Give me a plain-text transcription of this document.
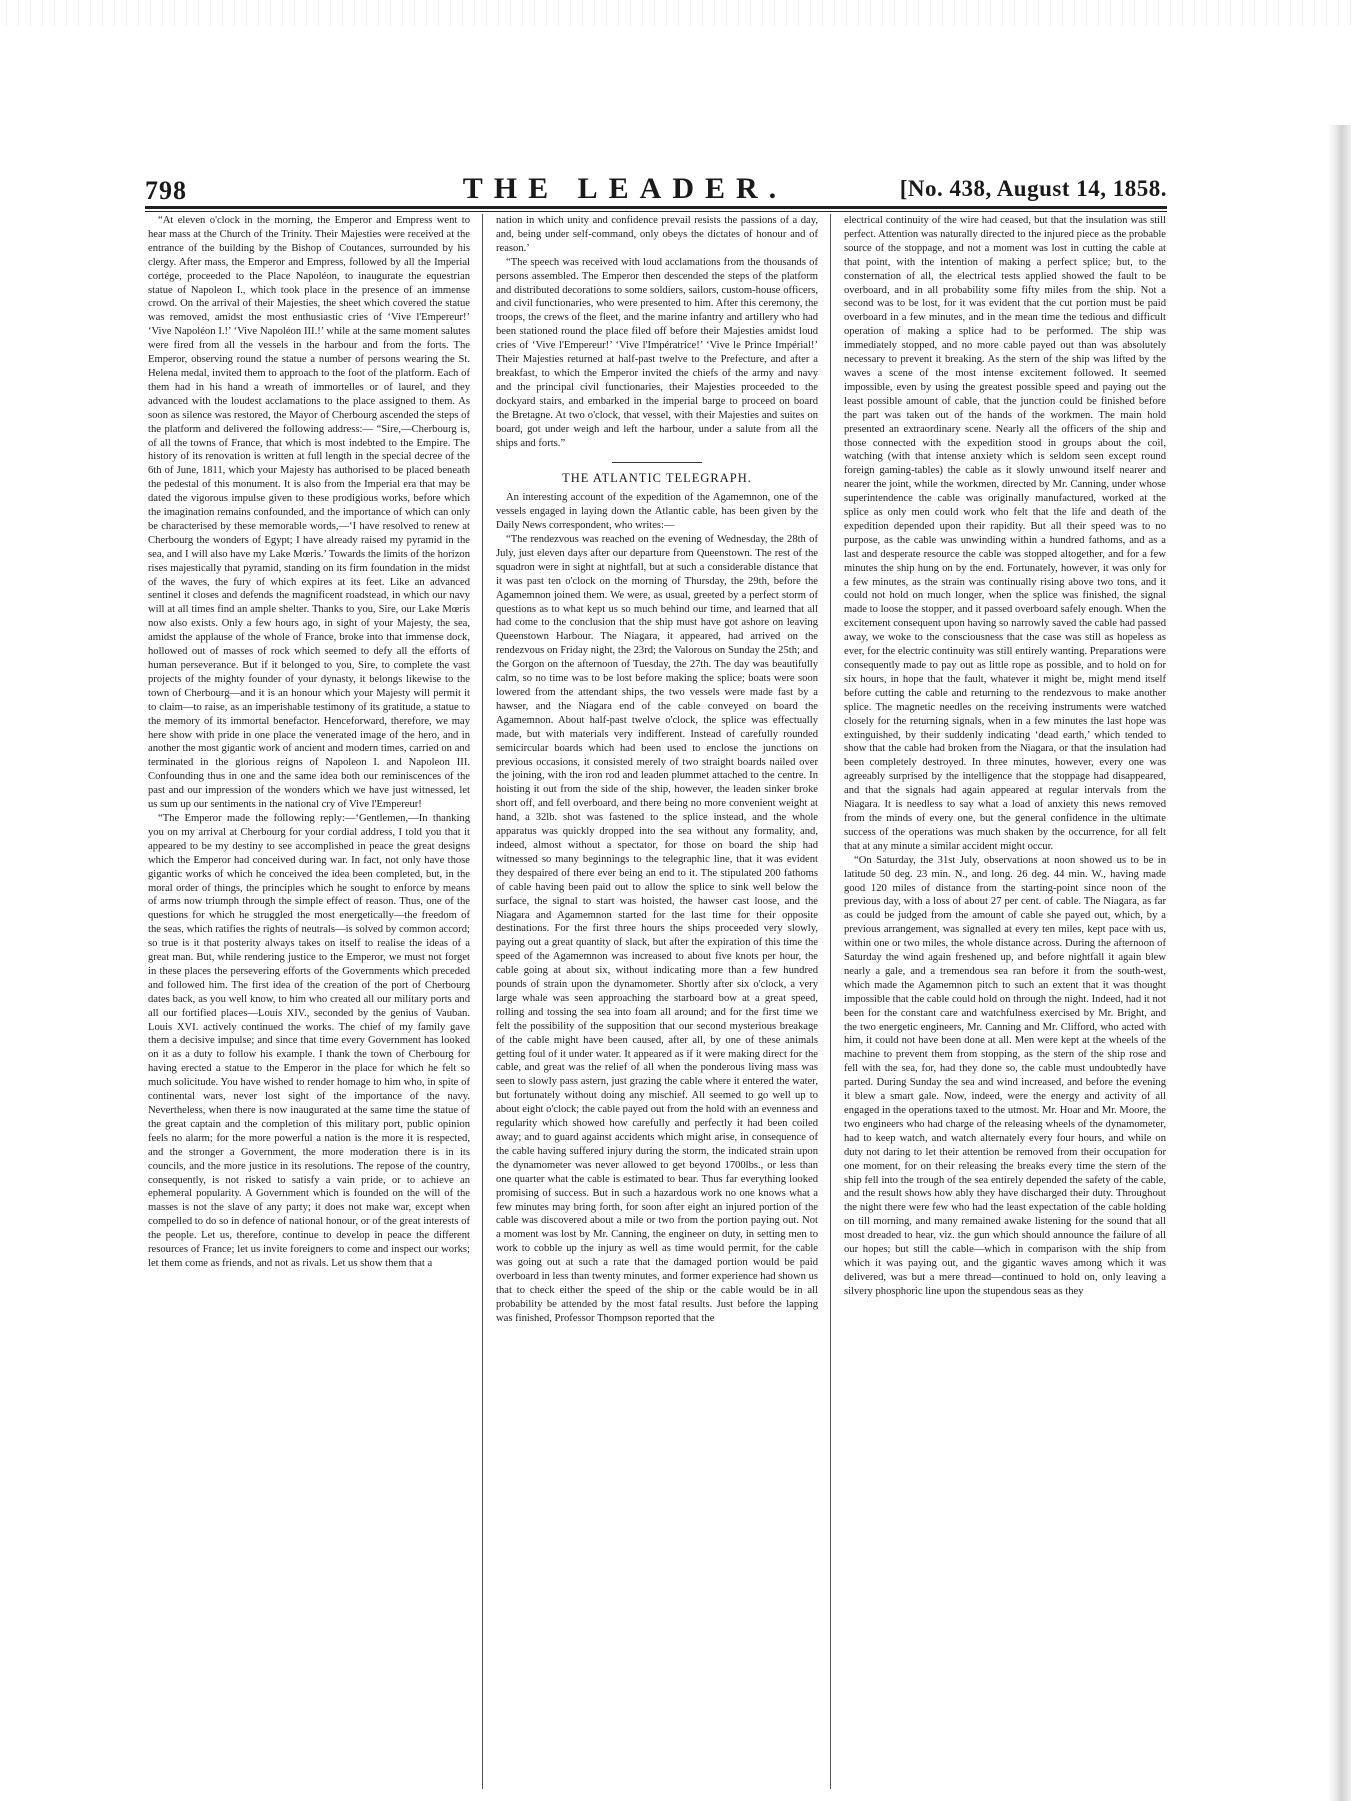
798	THE LEADER.	[No. 438, August 14, 1858.

“At eleven o'clock in the morning, the Emperor and Empress went to hear mass at the Church of the Trinity. Their Majesties were received at the entrance of the building by the Bishop of Coutances, surrounded by his clergy. After mass, the Emperor and Empress, followed by all the Imperial cortége, proceeded to the Place Napoléon, to inaugurate the equestrian statue of Napoleon I., which took place in the presence of an immense crowd. On the arrival of their Majesties, the sheet which covered the statue was removed, amidst the most enthusiastic cries of ‘Vive l'Empereur!’ ‘Vive Napoléon I.!’ ‘Vive Napoléon III.!’ while at the same moment salutes were fired from all the vessels in the harbour and from the forts. The Emperor, observing round the statue a number of persons wearing the St. Helena medal, invited them to approach to the foot of the platform. Each of them had in his hand a wreath of immortelles or of laurel, and they advanced with the loudest acclamations to the place assigned to them. As soon as silence was restored, the Mayor of Cherbourg ascended the steps of the platform and delivered the following address:— “Sire,—Cherbourg is, of all the towns of France, that which is most indebted to the Empire. The history of its renovation is written at full length in the special decree of the 6th of June, 1811, which your Majesty has authorised to be placed beneath the pedestal of this monument. It is also from the Imperial era that may be dated the vigorous impulse given to these prodigious works, before which the imagination remains confounded, and the importance of which can only be characterised by these memorable words,—‘I have resolved to renew at Cherbourg the wonders of Egypt; I have already raised my pyramid in the sea, and I will also have my Lake Mœris.’ Towards the limits of the horizon rises majestically that pyramid, standing on its firm foundation in the midst of the waves, the fury of which expires at its feet. Like an advanced sentinel it closes and defends the magnificent roadstead, in which our navy will at all times find an ample shelter. Thanks to you, Sire, our Lake Mœris now also exists. Only a few hours ago, in sight of your Majesty, the sea, amidst the applause of the whole of France, broke into that immense dock, hollowed out of masses of rock which seemed to defy all the efforts of human perseverance. But if it belonged to you, Sire, to complete the vast projects of the mighty founder of your dynasty, it belongs likewise to the town of Cherbourg—and it is an honour which your Majesty will permit it to claim—to raise, as an imperishable testimony of its gratitude, a statue to the memory of its immortal benefactor. Henceforward, therefore, we may here show with pride in one place the venerated image of the hero, and in another the most gigantic work of ancient and modern times, carried on and terminated in the glorious reigns of Napoleon I. and Napoleon III. Confounding thus in one and the same idea both our reminiscences of the past and our impression of the wonders which we have just witnessed, let us sum up our sentiments in the national cry of Vive l'Empereur!

“The Emperor made the following reply:—‘Gentlemen,—In thanking you on my arrival at Cherbourg for your cordial address, I told you that it appeared to be my destiny to see accomplished in peace the great designs which the Emperor had conceived during war. In fact, not only have those gigantic works of which he conceived the idea been completed, but, in the moral order of things, the principles which he sought to enforce by means of arms now triumph through the simple effect of reason. Thus, one of the questions for which he struggled the most energetically—the freedom of the seas, which ratifies the rights of neutrals—is solved by common accord; so true is it that posterity always takes on itself to realise the ideas of a great man. But, while rendering justice to the Emperor, we must not forget in these places the persevering efforts of the Governments which preceded and followed him. The first idea of the creation of the port of Cherbourg dates back, as you well know, to him who created all our military ports and all our fortified places—Louis XIV., seconded by the genius of Vauban. Louis XVI. actively continued the works. The chief of my family gave them a decisive impulse; and since that time every Government has looked on it as a duty to follow his example. I thank the town of Cherbourg for having erected a statue to the Emperor in the place for which he felt so much solicitude. You have wished to render homage to him who, in spite of continental wars, never lost sight of the importance of the navy. Nevertheless, when there is now inaugurated at the same time the statue of the great captain and the completion of this military port, public opinion feels no alarm; for the more powerful a nation is the more it is respected, and the stronger a Government, the more moderation there is in its councils, and the more justice in its resolutions. The repose of the country, consequently, is not risked to satisfy a vain pride, or to achieve an ephemeral popularity. A Government which is founded on the will of the masses is not the slave of any party; it does not make war, except when compelled to do so in defence of national honour, or of the great interests of the people. Let us, therefore, continue to develop in peace the different resources of France; let us invite foreigners to come and inspect our works; let them come as friends, and not as rivals. Let us show them that a

nation in which unity and confidence prevail resists the passions of a day, and, being under self-command, only obeys the dictates of honour and of reason.’

“The speech was received with loud acclamations from the thousands of persons assembled. The Emperor then descended the steps of the platform and distributed decorations to some soldiers, sailors, custom-house officers, and civil functionaries, who were presented to him. After this ceremony, the troops, the crews of the fleet, and the marine infantry and artillery who had been stationed round the place filed off before their Majesties amidst loud cries of ‘Vive l'Empereur!’ ‘Vive l'Impératrice!’ ‘Vive le Prince Impérial!’ Their Majesties returned at half-past twelve to the Prefecture, and after a breakfast, to which the Emperor invited the chiefs of the army and navy and the principal civil functionaries, their Majesties proceeded to the dockyard stairs, and embarked in the imperial barge to proceed on board the Bretagne. At two o'clock, that vessel, with their Majesties and suites on board, got under weigh and left the harbour, under a salute from all the ships and forts.”

THE ATLANTIC TELEGRAPH.

An interesting account of the expedition of the Agamemnon, one of the vessels engaged in laying down the Atlantic cable, has been given by the Daily News correspondent, who writes:—

“The rendezvous was reached on the evening of Wednesday, the 28th of July, just eleven days after our departure from Queenstown. The rest of the squadron were in sight at nightfall, but at such a considerable distance that it was past ten o'clock on the morning of Thursday, the 29th, before the Agamemnon joined them. We were, as usual, greeted by a perfect storm of questions as to what kept us so much behind our time, and learned that all had come to the conclusion that the ship must have got ashore on leaving Queenstown Harbour. The Niagara, it appeared, had arrived on the rendezvous on Friday night, the 23rd; the Valorous on Sunday the 25th; and the Gorgon on the afternoon of Tuesday, the 27th. The day was beautifully calm, so no time was to be lost before making the splice; boats were soon lowered from the attendant ships, the two vessels were made fast by a hawser, and the Niagara end of the cable conveyed on board the Agamemnon. About half-past twelve o'clock, the splice was effectually made, but with materials very indifferent. Instead of carefully rounded semicircular boards which had been used to enclose the junctions on previous occasions, it consisted merely of two straight boards nailed over the joining, with the iron rod and leaden plummet attached to the centre. In hoisting it out from the side of the ship, however, the leaden sinker broke short off, and fell overboard, and there being no more convenient weight at hand, a 32lb. shot was fastened to the splice instead, and the whole apparatus was quickly dropped into the sea without any formality, and, indeed, almost without a spectator, for those on board the ship had witnessed so many beginnings to the telegraphic line, that it was evident they despaired of there ever being an end to it. The stipulated 200 fathoms of cable having been paid out to allow the splice to sink well below the surface, the signal to start was hoisted, the hawser cast loose, and the Niagara and Agamemnon started for the last time for their opposite destinations. For the first three hours the ships proceeded very slowly, paying out a great quantity of slack, but after the expiration of this time the speed of the Agamemnon was increased to about five knots per hour, the cable going at about six, without indicating more than a few hundred pounds of strain upon the dynamometer. Shortly after six o'clock, a very large whale was seen approaching the starboard bow at a great speed, rolling and tossing the sea into foam all around; and for the first time we felt the possibility of the supposition that our second mysterious breakage of the cable might have been caused, after all, by one of these animals getting foul of it under water. It appeared as if it were making direct for the cable, and great was the relief of all when the ponderous living mass was seen to slowly pass astern, just grazing the cable where it entered the water, but fortunately without doing any mischief. All seemed to go well up to about eight o'clock; the cable payed out from the hold with an evenness and regularity which showed how carefully and perfectly it had been coiled away; and to guard against accidents which might arise, in consequence of the cable having suffered injury during the storm, the indicated strain upon the dynamometer was never allowed to get beyond 1700lbs., or less than one quarter what the cable is estimated to bear. Thus far everything looked promising of success. But in such a hazardous work no one knows what a few minutes may bring forth, for soon after eight an injured portion of the cable was discovered about a mile or two from the portion paying out. Not a moment was lost by Mr. Canning, the engineer on duty, in setting men to work to cobble up the injury as well as time would permit, for the cable was going out at such a rate that the damaged portion would be paid overboard in less than twenty minutes, and former experience had shown us that to check either the speed of the ship or the cable would be in all probability be attended by the most fatal results. Just before the lapping was finished, Professor Thompson reported that the

electrical continuity of the wire had ceased, but that the insulation was still perfect. Attention was naturally directed to the injured piece as the probable source of the stoppage, and not a moment was lost in cutting the cable at that point, with the intention of making a perfect splice; but, to the consternation of all, the electrical tests applied showed the fault to be overboard, and in all probability some fifty miles from the ship. Not a second was to be lost, for it was evident that the cut portion must be paid overboard in a few minutes, and in the mean time the tedious and difficult operation of making a splice had to be performed. The ship was immediately stopped, and no more cable payed out than was absolutely necessary to prevent it breaking. As the stern of the ship was lifted by the waves a scene of the most intense excitement followed. It seemed impossible, even by using the greatest possible speed and paying out the least possible amount of cable, that the junction could be finished before the part was taken out of the hands of the workmen. The main hold presented an extraordinary scene. Nearly all the officers of the ship and those connected with the expedition stood in groups about the coil, watching (with that intense anxiety which is seldom seen except round foreign gaming-tables) the cable as it slowly unwound itself nearer and nearer the joint, while the workmen, directed by Mr. Canning, under whose superintendence the cable was originally manufactured, worked at the splice as only men could work who felt that the life and death of the expedition depended upon their rapidity. But all their speed was to no purpose, as the cable was unwinding within a hundred fathoms, and as a last and desperate resource the cable was stopped altogether, and for a few minutes the ship hung on by the end. Fortunately, however, it was only for a few minutes, as the strain was continually rising above two tons, and it could not hold on much longer, when the splice was finished, the signal made to loose the stopper, and it passed overboard safely enough. When the excitement consequent upon having so narrowly saved the cable had passed away, we woke to the consciousness that the case was still as hopeless as ever, for the electric continuity was still entirely wanting. Preparations were consequently made to pay out as little rope as possible, and to hold on for six hours, in hope that the fault, whatever it might be, might mend itself before cutting the cable and returning to the rendezvous to make another splice. The magnetic needles on the receiving instruments were watched closely for the returning signals, when in a few minutes the last hope was extinguished, by their suddenly indicating ‘dead earth,’ which tended to show that the cable had broken from the Niagara, or that the insulation had been completely destroyed. In three minutes, however, every one was agreeably surprised by the intelligence that the stoppage had disappeared, and that the signals had again appeared at regular intervals from the Niagara. It is needless to say what a load of anxiety this news removed from the minds of every one, but the general confidence in the ultimate success of the operations was much shaken by the occurrence, for all felt that at any minute a similar accident might occur.

“On Saturday, the 31st July, observations at noon showed us to be in latitude 50 deg. 23 min. N., and long. 26 deg. 44 min. W., having made good 120 miles of distance from the starting-point since noon of the previous day, with a loss of about 27 per cent. of cable. The Niagara, as far as could be judged from the amount of cable she payed out, which, by a previous arrangement, was signalled at every ten miles, kept pace with us, within one or two miles, the whole distance across. During the afternoon of Saturday the wind again freshened up, and before nightfall it again blew nearly a gale, and a tremendous sea ran before it from the south-west, which made the Agamemnon pitch to such an extent that it was thought impossible that the cable could hold on through the night. Indeed, had it not been for the constant care and watchfulness exercised by Mr. Bright, and the two energetic engineers, Mr. Canning and Mr. Clifford, who acted with him, it could not have been done at all. Men were kept at the wheels of the machine to prevent them from stopping, as the stern of the ship rose and fell with the sea, for, had they done so, the cable must undoubtedly have parted. During Sunday the sea and wind increased, and before the evening it blew a smart gale. Now, indeed, were the energy and activity of all engaged in the operations taxed to the utmost. Mr. Hoar and Mr. Moore, the two engineers who had charge of the releasing wheels of the dynamometer, had to keep watch, and watch alternately every four hours, and while on duty not daring to let their attention be removed from their occupation for one moment, for on their releasing the breaks every time the stern of the ship fell into the trough of the sea entirely depended the safety of the cable, and the result shows how ably they have discharged their duty. Throughout the night there were few who had the least expectation of the cable holding on till morning, and many remained awake listening for the sound that all most dreaded to hear, viz. the gun which should announce the failure of all our hopes; but still the cable—which in comparison with the ship from which it was paying out, and the gigantic waves among which it was delivered, was but a mere thread—continued to hold on, only leaving a silvery phosphoric line upon the stupendous seas as they
